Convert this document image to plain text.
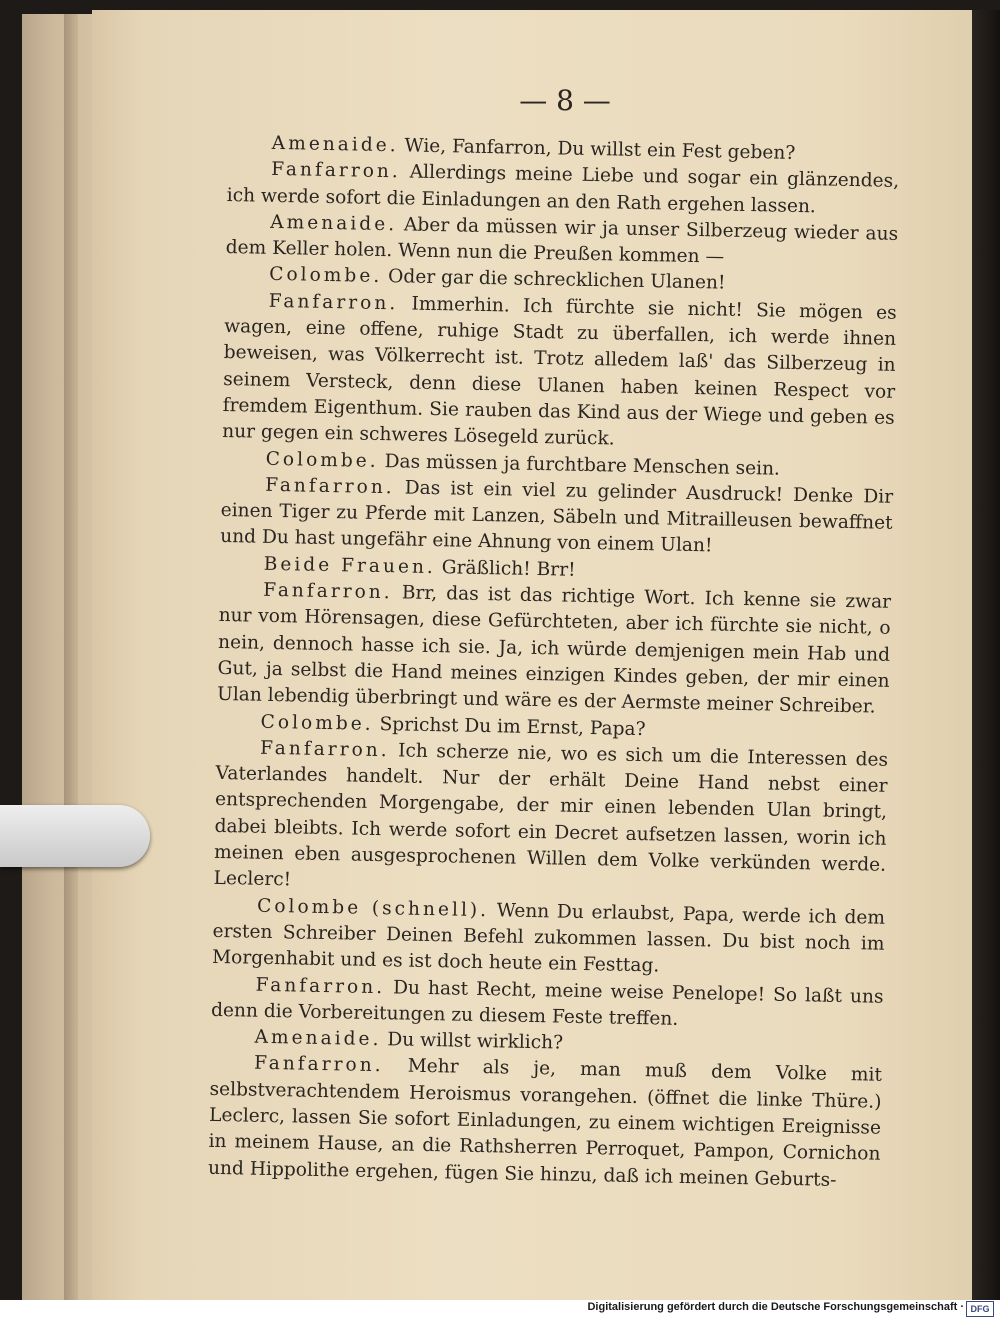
— 8 —

Amenaide. Wie, Fanfarron, Du willst ein Fest geben?

Fanfarron. Allerdings meine Liebe und sogar ein glänzendes, ich werde sofort die Einladungen an den Rath ergehen lassen.

Amenaide. Aber da müssen wir ja unser Silberzeug wieder aus dem Keller holen. Wenn nun die Preußen kommen —

Colombe. Oder gar die schrecklichen Ulanen!

Fanfarron. Immerhin. Ich fürchte sie nicht! Sie mögen es wagen, eine offene, ruhige Stadt zu überfallen, ich werde ihnen beweisen, was Völkerrecht ist. Trotz alledem laß' das Silberzeug in seinem Versteck, denn diese Ulanen haben keinen Respect vor fremdem Eigenthum. Sie rauben das Kind aus der Wiege und geben es nur gegen ein schweres Lösegeld zurück.

Colombe. Das müssen ja furchtbare Menschen sein.

Fanfarron. Das ist ein viel zu gelinder Ausdruck! Denke Dir einen Tiger zu Pferde mit Lanzen, Säbeln und Mitrailleusen bewaffnet und Du hast ungefähr eine Ahnung von einem Ulan!

Beide Frauen. Gräßlich! Brr!

Fanfarron. Brr, das ist das richtige Wort. Ich kenne sie zwar nur vom Hörensagen, diese Gefürchteten, aber ich fürchte sie nicht, o nein, dennoch hasse ich sie. Ja, ich würde demjenigen mein Hab und Gut, ja selbst die Hand meines einzigen Kindes geben, der mir einen Ulan lebendig überbringt und wäre es der Aermste meiner Schreiber.

Colombe. Sprichst Du im Ernst, Papa?

Fanfarron. Ich scherze nie, wo es sich um die Interessen des Vaterlandes handelt. Nur der erhält Deine Hand nebst einer entsprechenden Morgengabe, der mir einen lebenden Ulan bringt, dabei bleibts. Ich werde sofort ein Decret aufsetzen lassen, worin ich meinen eben ausgesprochenen Willen dem Volke verkünden werde. Leclerc!

Colombe (schnell). Wenn Du erlaubst, Papa, werde ich dem ersten Schreiber Deinen Befehl zukommen lassen. Du bist noch im Morgenhabit und es ist doch heute ein Festtag.

Fanfarron. Du hast Recht, meine weise Penelope! So laßt uns denn die Vorbereitungen zu diesem Feste treffen.

Amenaide. Du willst wirklich?

Fanfarron. Mehr als je, man muß dem Volke mit selbstverachtendem Heroismus vorangehen. (öffnet die linke Thüre.) Leclerc, lassen Sie sofort Einladungen, zu einem wichtigen Ereignisse in meinem Hause, an die Rathsherren Perroquet, Pampon, Cornichon und Hippolithe ergehen, fügen Sie hinzu, daß ich meinen Geburts-

Digitalisierung gefördert durch die Deutsche Forschungsgemeinschaft · DFG
